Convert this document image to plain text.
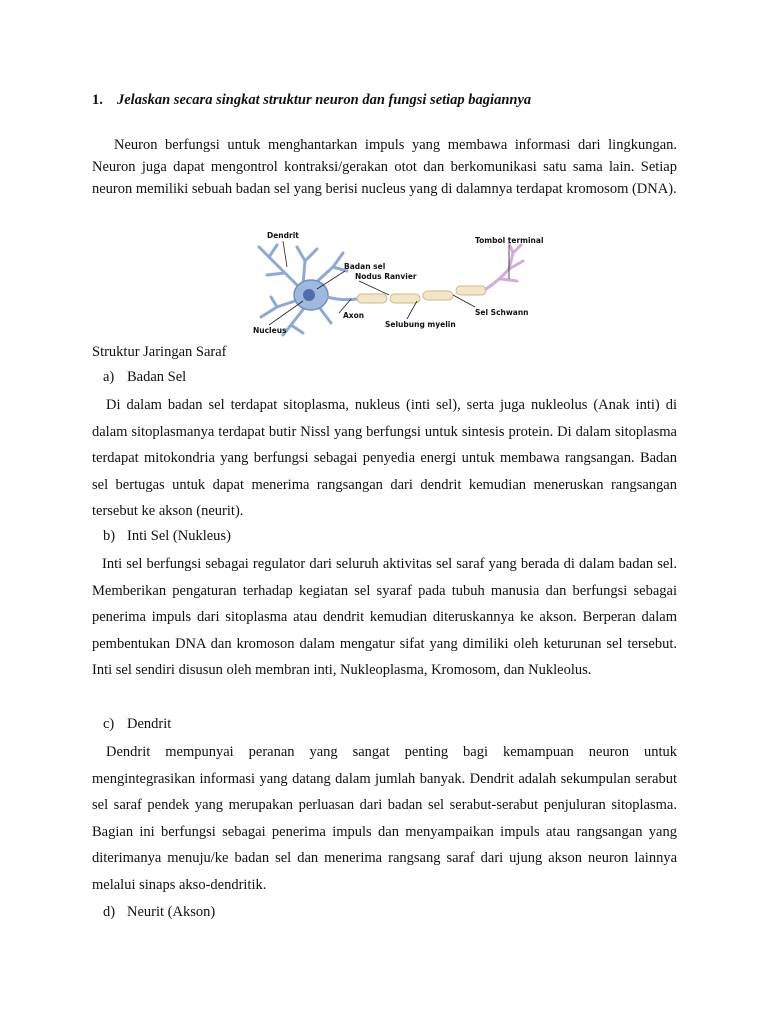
1. Jelaskan secara singkat struktur neuron dan fungsi setiap bagiannya

Neuron berfungsi untuk menghantarkan impuls yang membawa informasi dari lingkungan. Neuron juga dapat mengontrol kontraksi/gerakan otot dan berkomunikasi satu sama lain. Setiap neuron memiliki sebuah badan sel yang berisi nucleus yang di dalamnya terdapat kromosom (DNA).

Dendrit
Tombol terminal
Badan sel
Nodus Ranvier
Sel Schwann
Axon
Selubung myelin
Nucleus
Struktur Jaringan Saraf
a) Badan Sel

Di dalam badan sel terdapat sitoplasma, nukleus (inti sel), serta juga nukleolus (Anak inti) di dalam sitoplasmanya terdapat butir Nissl yang berfungsi untuk sintesis protein. Di dalam sitoplasma terdapat mitokondria yang berfungsi sebagai penyedia energi untuk membawa rangsangan. Badan sel bertugas untuk dapat menerima rangsangan dari dendrit kemudian meneruskan rangsangan tersebut ke akson (neurit).

b) Inti Sel (Nukleus)

Inti sel berfungsi sebagai regulator dari seluruh aktivitas sel saraf yang berada di dalam badan sel. Memberikan pengaturan terhadap kegiatan sel syaraf pada tubuh manusia dan berfungsi sebagai penerima impuls dari sitoplasma atau dendrit kemudian diteruskannya ke akson. Berperan dalam pembentukan DNA dan kromoson dalam mengatur sifat yang dimiliki oleh keturunan sel tersebut. Inti sel sendiri disusun oleh membran inti, Nukleoplasma, Kromosom, dan Nukleolus.

c) Dendrit

Dendrit mempunyai peranan yang sangat penting bagi kemampuan neuron untuk mengintegrasikan informasi yang datang dalam jumlah banyak. Dendrit adalah sekumpulan serabut sel saraf pendek yang merupakan perluasan dari badan sel serabut-serabut penjuluran sitoplasma. Bagian ini berfungsi sebagai penerima impuls dan menyampaikan impuls atau rangsangan yang diterimanya menuju/ke badan sel dan menerima rangsang saraf dari ujung akson neuron lainnya melalui sinaps akso-dendritik.

d) Neurit (Akson)
